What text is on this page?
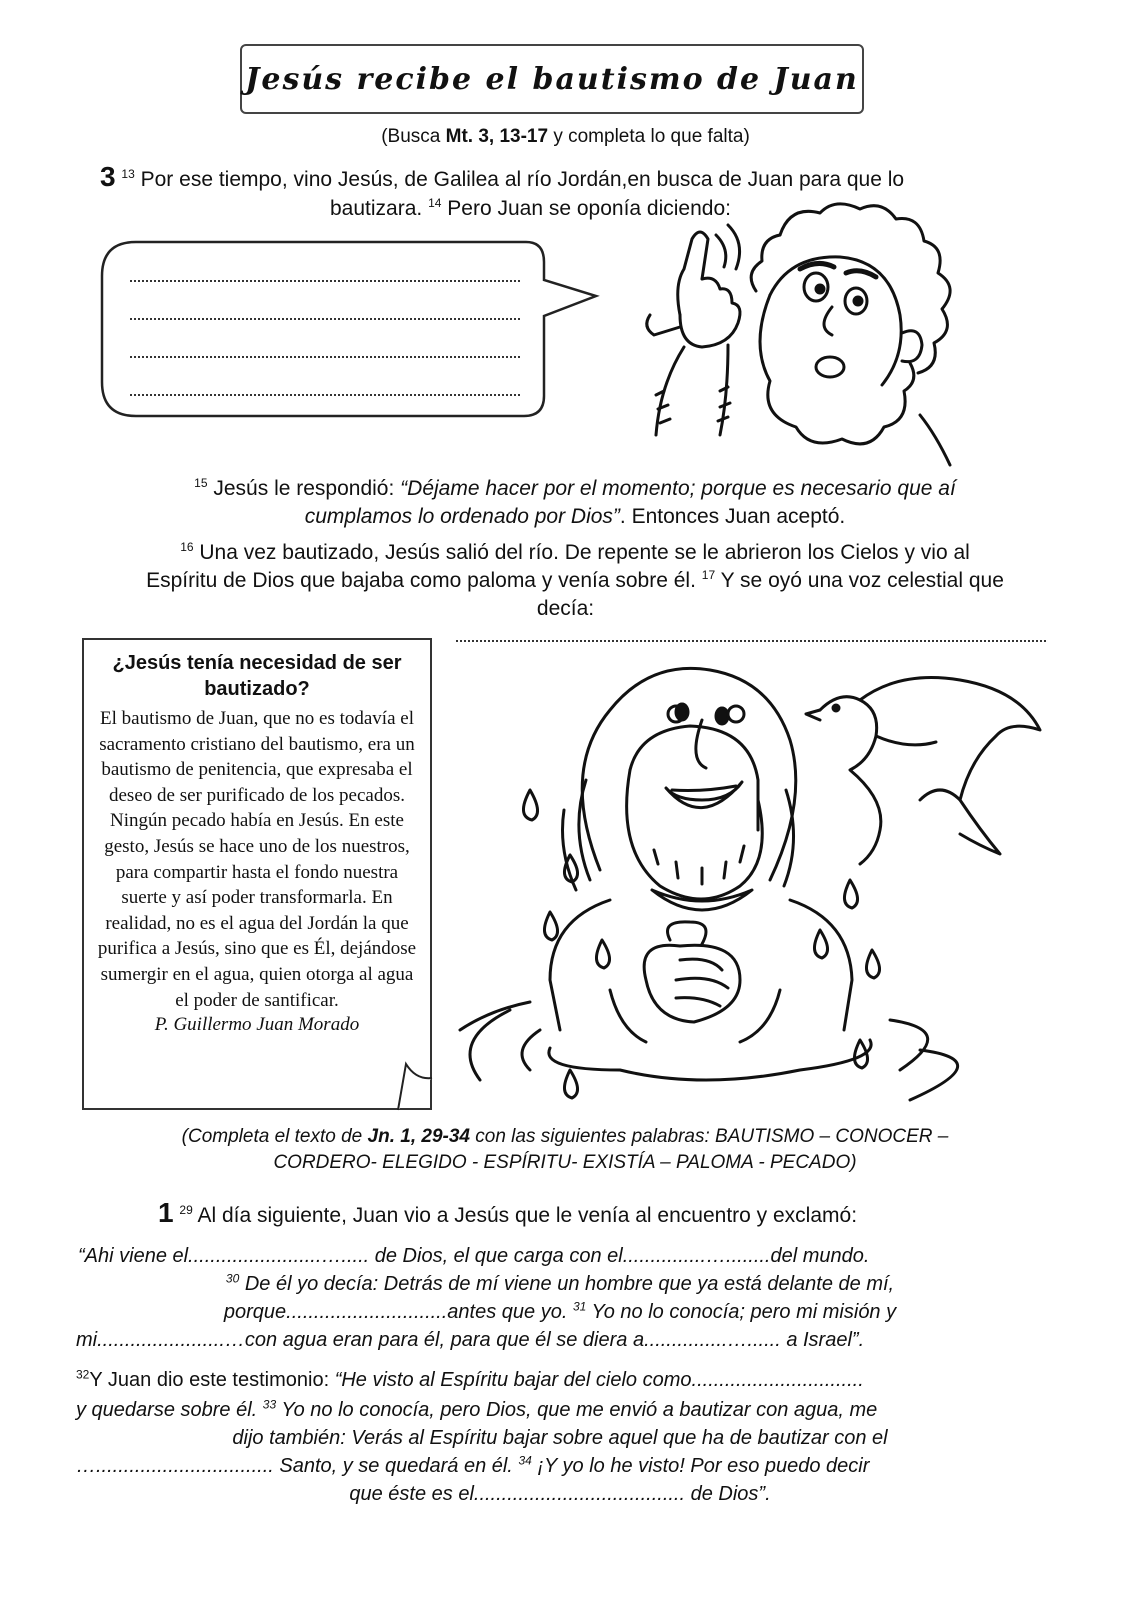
Jesús recibe el bautismo de Juan
(Busca Mt. 3, 13-17 y completa lo que falta)
3 $^{13}$ Por ese tiempo, vino Jesús, de Galilea al río Jordán,en busca de Juan para que lo
bautizara. $^{14}$ Pero Juan se oponía diciendo:
$^{15}$ Jesús le respondió: “Déjame hacer por el momento; porque es necesario que aí
cumplamos lo ordenado por Dios”. Entonces Juan aceptó.
$^{16}$ Una vez bautizado, Jesús salió del río. De repente se le abrieron los Cielos y vio al
Espíritu de Dios que bajaba como paloma y venía sobre él. $^{17}$ Y se oyó una voz celestial que
decía:
¿Jesús tenía necesidad de ser bautizado?
El bautismo de Juan, que no es todavía el sacramento cristiano del bautismo, era un bautismo de penitencia, que expresaba el deseo de ser purificado de los pecados. Ningún pecado había en Jesús. En este gesto, Jesús se hace uno de los nuestros, para compartir hasta el fondo nuestra suerte y así poder transformarla. En realidad, no es el agua del Jordán la que purifica a Jesús, sino que es Él, dejándose sumergir en el agua, quien otorga al agua el poder de santificar.
P. Guillermo Juan Morado
(Completa el texto de Jn. 1, 29-34 con las siguientes palabras: BAUTISMO – CONOCER –
CORDERO- ELEGIDO - ESPÍRITU- EXISTÍA – PALOMA - PECADO)
1 $^{29}$ Al día siguiente, Juan vio a Jesús que le venía al encuentro y exclamó:
“Ahi viene el........................…..... de Dios, el que carga con el...............…........del mundo.
$^{30}$ De él yo decía: Detrás de mí viene un hombre que ya está delante de mí,
porque.............................antes que yo. $^{31}$ Yo no lo conocía; pero mi misión y
mi.......................…con agua eran para él, para que él se diera a...............…...... a Israel”.
$^{32}$Y Juan dio este testimonio: “He visto al Espíritu bajar del cielo como...............................
y quedarse sobre él. $^{33}$ Yo no lo conocía, pero Dios, que me envió a bautizar con agua, me
dijo también: Verás al Espíritu bajar sobre aquel que ha de bautizar con el
…................................ Santo, y se quedará en él. $^{34}$ ¡Y yo lo he visto! Por eso puedo decir
que éste es el...................................... de Dios”.
